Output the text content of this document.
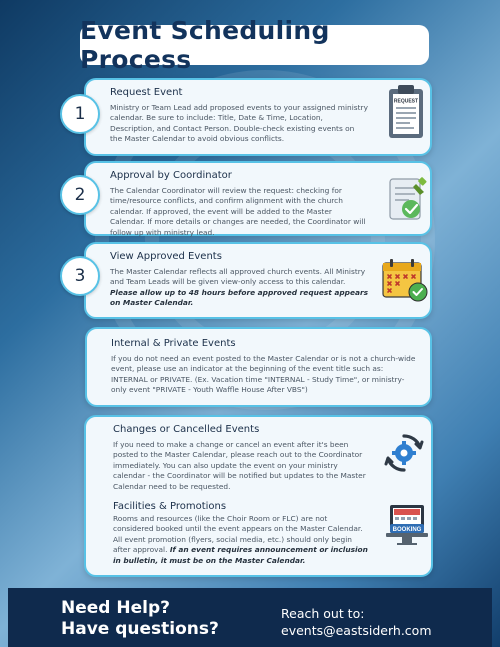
Event Scheduling Process
Request Event

Ministry or Team Lead add proposed events to your assigned ministry calendar. Be sure to include: Title, Date & Time, Location, Description, and Contact Person. Double-check existing events on the Master Calendar to avoid obvious conflicts.

1
REQUEST
Approval by Coordinator

The Calendar Coordinator will review the request: checking for time/resource conflicts, and confirm alignment with the church calendar. If approved, the event will be added to the Master Calendar. If more details or changes are needed, the Coordinator will follow up with ministry lead.

2
View Approved Events

The Master Calendar reflects all approved church events. All Ministry and Team Leads will be given view-only access to this calendar. Please allow up to 48 hours before approved request appears on Master Calendar.

3
Internal & Private Events

If you do not need an event posted to the Master Calendar or is not a church-wide event, please use an indicator at the beginning of the event title such as: INTERNAL or PRIVATE. (Ex. Vacation time "INTERNAL - Study Time", or ministry-only event "PRIVATE - Youth Waffle House After VBS")

Changes or Cancelled Events

If you need to make a change or cancel an event after it's been posted to the Master Calendar, please reach out to the Coordinator immediately. You can also update the event on your ministry calendar - the Coordinator will be notified but updates to the Master Calendar need to be requested.

Facilities & Promotions

Rooms and resources (like the Choir Room or FLC) are not considered booked until the event appears on the Master Calendar. All event promotion (flyers, social media, etc.) should only begin after approval. If an event requires announcement or inclusion in bulletin, it must be on the Master Calendar.

BOOKING
Need Help?
Have questions?
Reach out to:
events@eastsiderh.com
